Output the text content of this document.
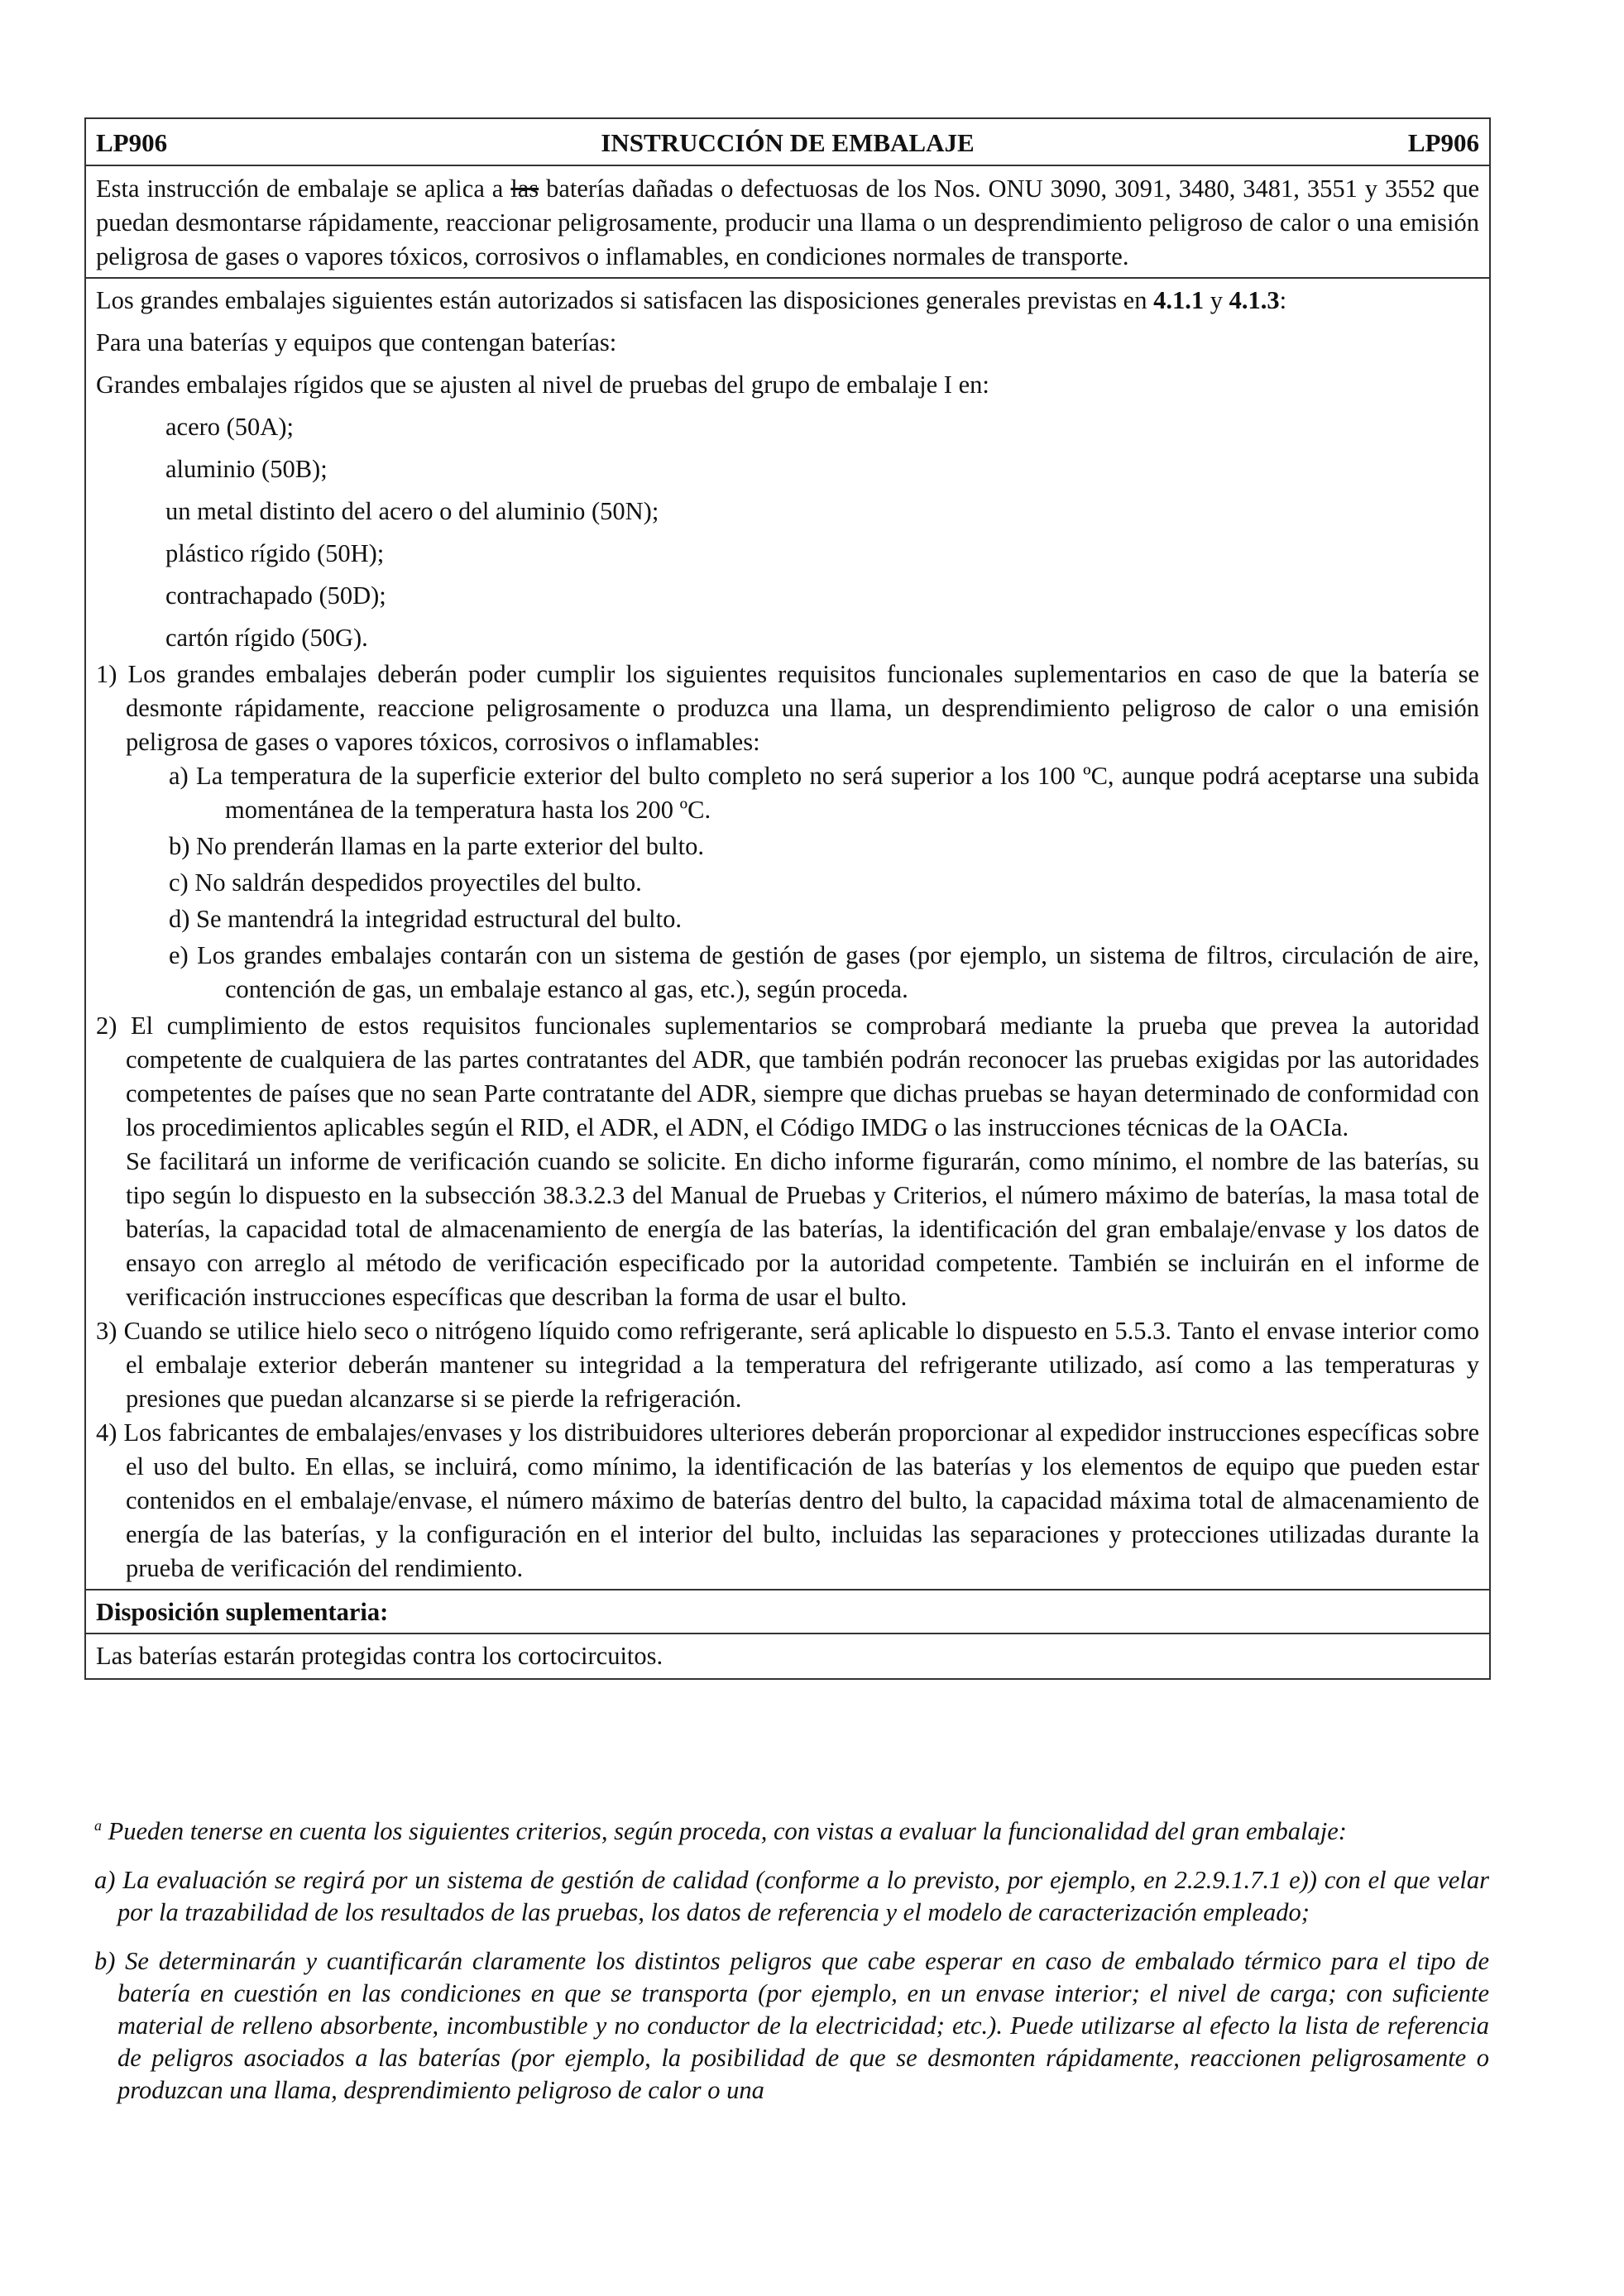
LP906	INSTRUCCIÓN DE EMBALAJE	LP906

Esta instrucción de embalaje se aplica a las baterías dañadas o defectuosas de los Nos. ONU 3090, 3091, 3480, 3481, 3551 y 3552 que puedan desmontarse rápidamente, reaccionar peligrosamente, producir una llama o un desprendimiento peligroso de calor o una emisión peligrosa de gases o vapores tóxicos, corrosivos o inflamables, en condiciones normales de transporte.

Los grandes embalajes siguientes están autorizados si satisfacen las disposiciones generales previstas en 4.1.1 y 4.1.3:

Para una baterías y equipos que contengan baterías:

Grandes embalajes rígidos que se ajusten al nivel de pruebas del grupo de embalaje I en:

acero (50A);

aluminio (50B);

un metal distinto del acero o del aluminio (50N);

plástico rígido (50H);

contrachapado (50D);

cartón rígido (50G).

1) Los grandes embalajes deberán poder cumplir los siguientes requisitos funcionales suplementarios en caso de que la batería se desmonte rápidamente, reaccione peligrosamente o produzca una llama, un desprendimiento peligroso de calor o una emisión peligrosa de gases o vapores tóxicos, corrosivos o inflamables:

a) La temperatura de la superficie exterior del bulto completo no será superior a los 100 ºC, aunque podrá aceptarse una subida momentánea de la temperatura hasta los 200 ºC.

b) No prenderán llamas en la parte exterior del bulto.

c) No saldrán despedidos proyectiles del bulto.

d) Se mantendrá la integridad estructural del bulto.

e) Los grandes embalajes contarán con un sistema de gestión de gases (por ejemplo, un sistema de filtros, circulación de aire, contención de gas, un embalaje estanco al gas, etc.), según proceda.

2) El cumplimiento de estos requisitos funcionales suplementarios se comprobará mediante la prueba que prevea la autoridad competente de cualquiera de las partes contratantes del ADR, que también podrán reconocer las pruebas exigidas por las autoridades competentes de países que no sean Parte contratante del ADR, siempre que dichas pruebas se hayan determinado de conformidad con los procedimientos aplicables según el RID, el ADR, el ADN, el Código IMDG o las instrucciones técnicas de la OACIa.

Se facilitará un informe de verificación cuando se solicite. En dicho informe figurarán, como mínimo, el nombre de las baterías, su tipo según lo dispuesto en la subsección 38.3.2.3 del Manual de Pruebas y Criterios, el número máximo de baterías, la masa total de baterías, la capacidad total de almacenamiento de energía de las baterías, la identificación del gran embalaje/envase y los datos de ensayo con arreglo al método de verificación especificado por la autoridad competente. También se incluirán en el informe de verificación instrucciones específicas que describan la forma de usar el bulto.

3) Cuando se utilice hielo seco o nitrógeno líquido como refrigerante, será aplicable lo dispuesto en 5.5.3. Tanto el envase interior como el embalaje exterior deberán mantener su integridad a la temperatura del refrigerante utilizado, así como a las temperaturas y presiones que puedan alcanzarse si se pierde la refrigeración.

4) Los fabricantes de embalajes/envases y los distribuidores ulteriores deberán proporcionar al expedidor instrucciones específicas sobre el uso del bulto. En ellas, se incluirá, como mínimo, la identificación de las baterías y los elementos de equipo que pueden estar contenidos en el embalaje/envase, el número máximo de baterías dentro del bulto, la capacidad máxima total de almacenamiento de energía de las baterías, y la configuración en el interior del bulto, incluidas las separaciones y protecciones utilizadas durante la prueba de verificación del rendimiento.

Disposición suplementaria:
Las baterías estarán protegidas contra los cortocircuitos.

$^a$ Pueden tenerse en cuenta los siguientes criterios, según proceda, con vistas a evaluar la funcionalidad del gran embalaje:

a) La evaluación se regirá por un sistema de gestión de calidad (conforme a lo previsto, por ejemplo, en 2.2.9.1.7.1 e)) con el que velar por la trazabilidad de los resultados de las pruebas, los datos de referencia y el modelo de caracterización empleado;

b) Se determinarán y cuantificarán claramente los distintos peligros que cabe esperar en caso de embalado térmico para el tipo de batería en cuestión en las condiciones en que se transporta (por ejemplo, en un envase interior; el nivel de carga; con suficiente material de relleno absorbente, incombustible y no conductor de la electricidad; etc.). Puede utilizarse al efecto la lista de referencia de peligros asociados a las baterías (por ejemplo, la posibilidad de que se desmonten rápidamente, reaccionen peligrosamente o produzcan una llama, desprendimiento peligroso de calor o una
